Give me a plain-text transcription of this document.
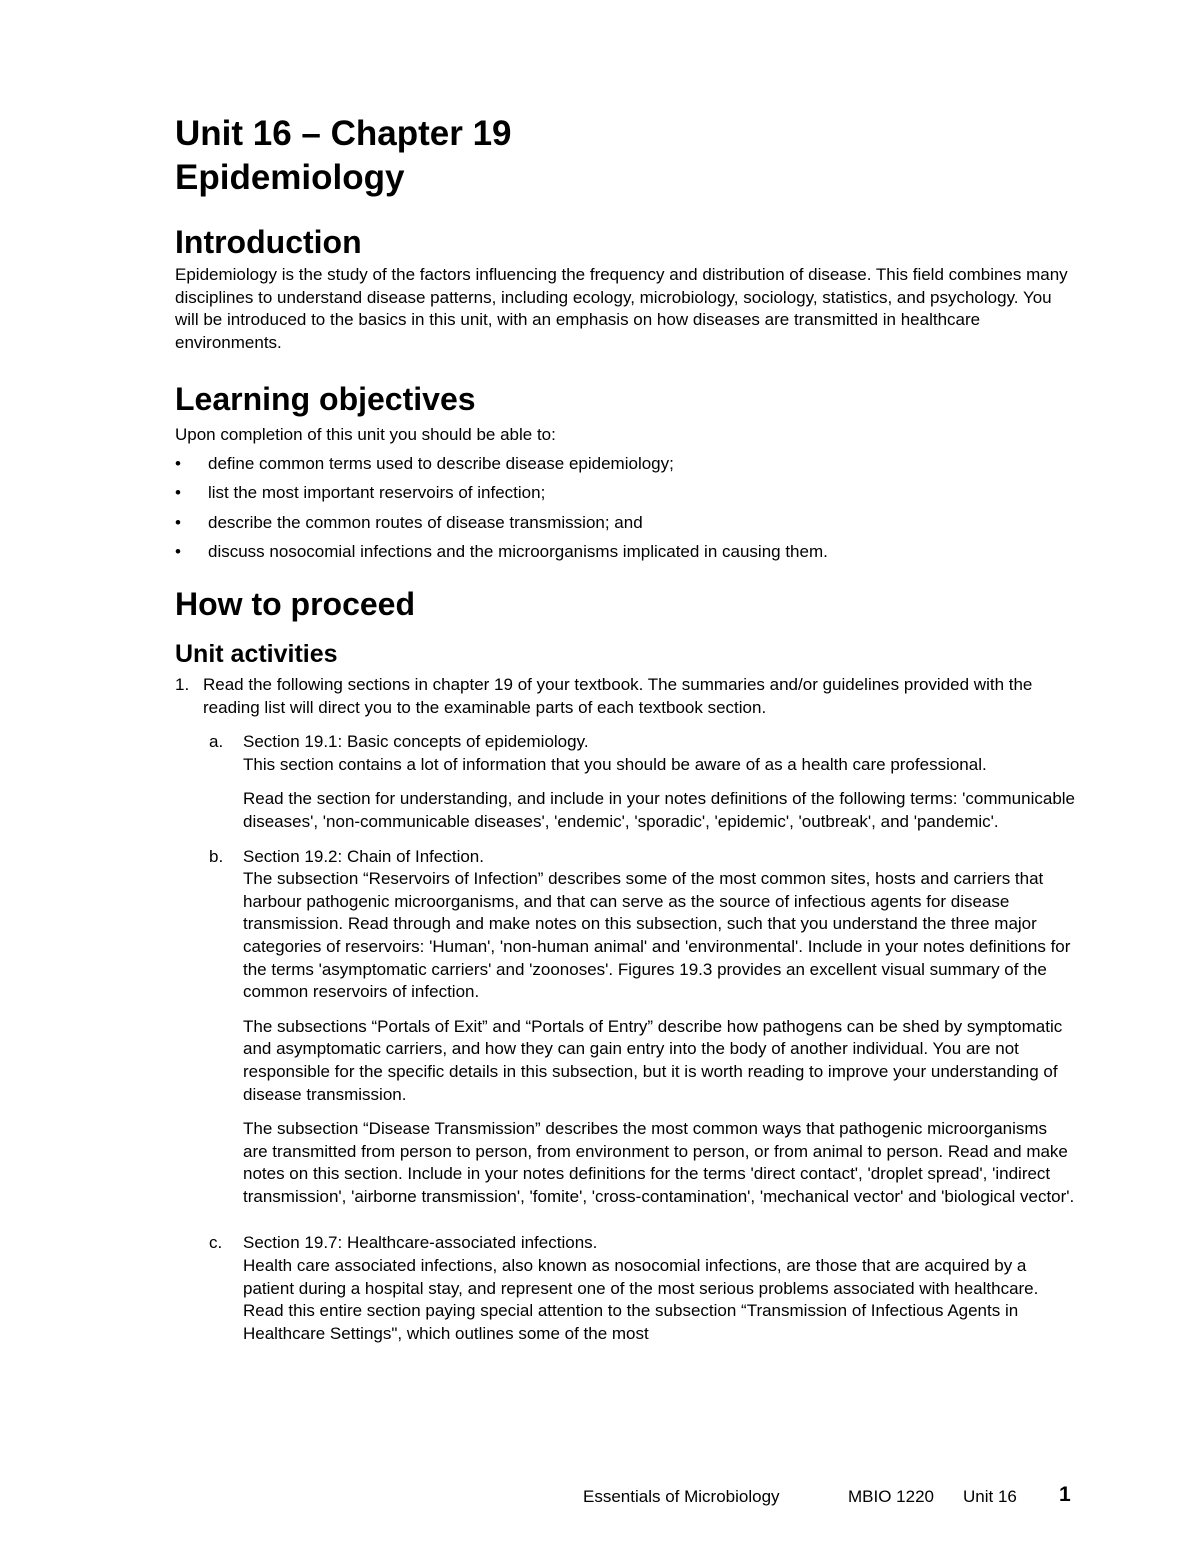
Unit 16 – Chapter 19
Epidemiology
Introduction

Epidemiology is the study of the factors influencing the frequency and distribution of disease. This field combines many disciplines to understand disease patterns, including ecology, microbiology, sociology, statistics, and psychology. You will be introduced to the basics in this unit, with an emphasis on how diseases are transmitted in healthcare environments.

Learning objectives

Upon completion of this unit you should be able to:

• define common terms used to describe disease epidemiology;
• list the most important reservoirs of infection;
• describe the common routes of disease transmission; and
• discuss nosocomial infections and the microorganisms implicated in causing them.
How to proceed
Unit activities
1. Read the following sections in chapter 19 of your textbook. The summaries and/or guidelines provided with the reading list will direct you to the examinable parts of each textbook section.
a. Section 19.1: Basic concepts of epidemiology.
This section contains a lot of information that you should be aware of as a health care professional.
Read the section for understanding, and include in your notes definitions of the following terms: 'communicable diseases', 'non-communicable diseases', 'endemic', 'sporadic', 'epidemic', 'outbreak', and 'pandemic'.
b. Section 19.2: Chain of Infection.
The subsection “Reservoirs of Infection” describes some of the most common sites, hosts and carriers that harbour pathogenic microorganisms, and that can serve as the source of infectious agents for disease transmission. Read through and make notes on this subsection, such that you understand the three major categories of reservoirs: 'Human', 'non-human animal' and 'environmental'. Include in your notes definitions for the terms 'asymptomatic carriers' and 'zoonoses'. Figures 19.3 provides an excellent visual summary of the common reservoirs of infection.
The subsections “Portals of Exit” and “Portals of Entry” describe how pathogens can be shed by symptomatic and asymptomatic carriers, and how they can gain entry into the body of another individual. You are not responsible for the specific details in this subsection, but it is worth reading to improve your understanding of disease transmission.
The subsection “Disease Transmission” describes the most common ways that pathogenic microorganisms are transmitted from person to person, from environment to person, or from animal to person. Read and make notes on this section. Include in your notes definitions for the terms 'direct contact', 'droplet spread', 'indirect transmission', 'airborne transmission', 'fomite', 'cross-contamination', 'mechanical vector' and 'biological vector'.
c. Section 19.7: Healthcare-associated infections.
Health care associated infections, also known as nosocomial infections, are those that are acquired by a patient during a hospital stay, and represent one of the most serious problems associated with healthcare. Read this entire section paying special attention to the subsection “Transmission of Infectious Agents in Healthcare Settings", which outlines some of the most
Essentials of Microbiology	MBIO 1220 Unit 16 1
